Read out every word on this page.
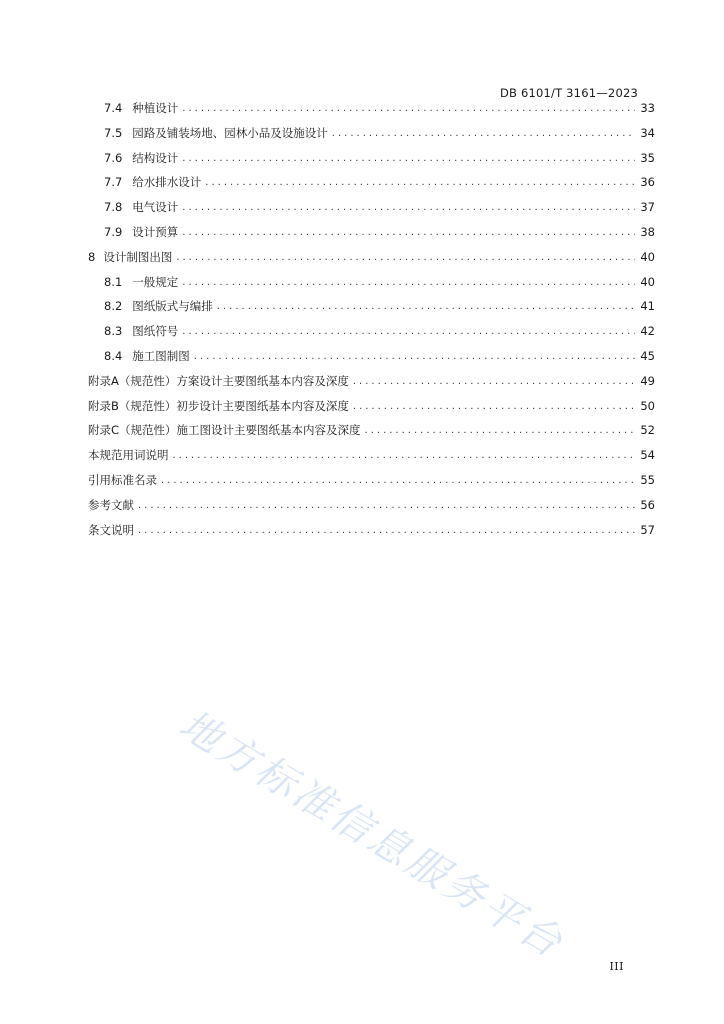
DB 6101/T 3161—2023
7.4 种植设计 .....	33
7.5 园路及铺装场地、园林小品及设施设计 .....	34
7.6 结构设计 .....	35
7.7 给水排水设计 .....	36
7.8 电气设计 .....	37
7.9 设计预算 .....	38
8 设计制图出图 .....	40
8.1 一般规定 .....	40
8.2 图纸版式与编排 .....	41
8.3 图纸符号 .....	42
8.4 施工图制图 .....	45
附录A（规范性）方案设计主要图纸基本内容及深度 .....	49
附录B（规范性）初步设计主要图纸基本内容及深度 .....	50
附录C（规范性）施工图设计主要图纸基本内容及深度 .....	52
本规范用词说明 .....	54
引用标准名录 .....	55
参考文献 .....	56
条文说明 .....	57
地方标准信息服务平台	III
